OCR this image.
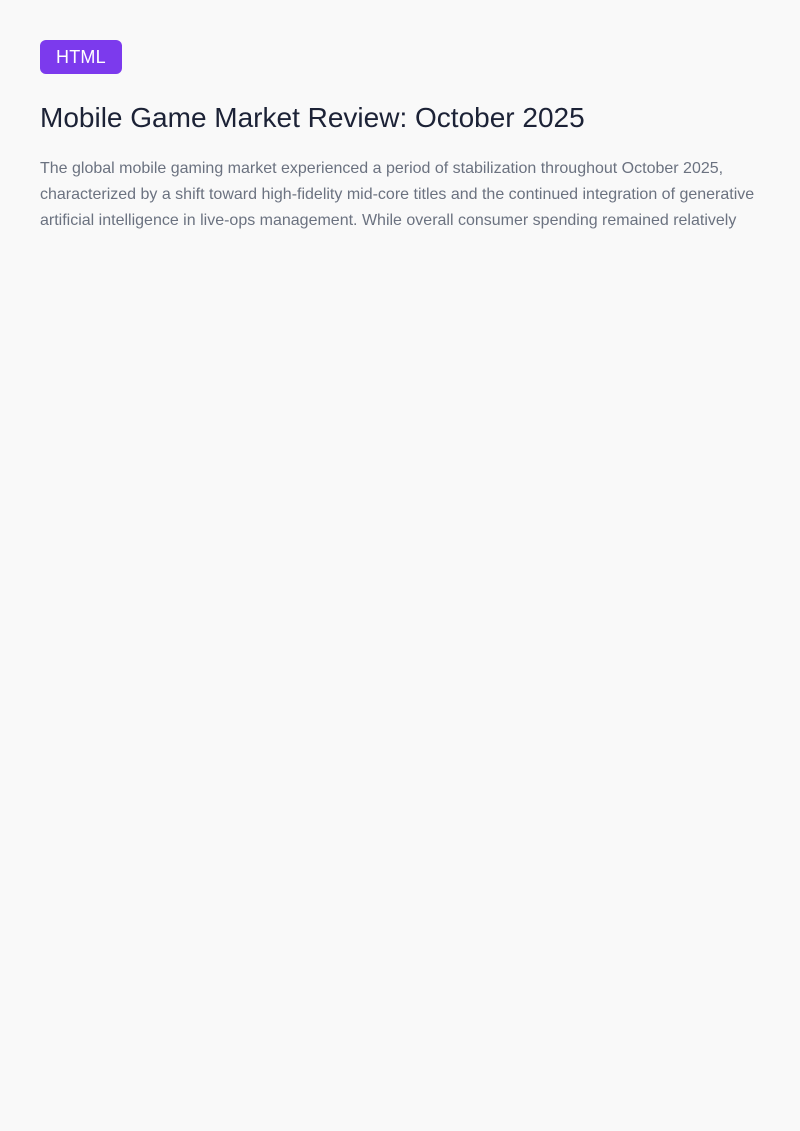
HTML
Mobile Game Market Review: October 2025

The global mobile gaming market experienced a period of stabilization throughout October 2025, characterized by a shift toward high-fidelity mid-core titles and the continued integration of generative artificial intelligence in live-ops management. While overall consumer spending remained relatively
